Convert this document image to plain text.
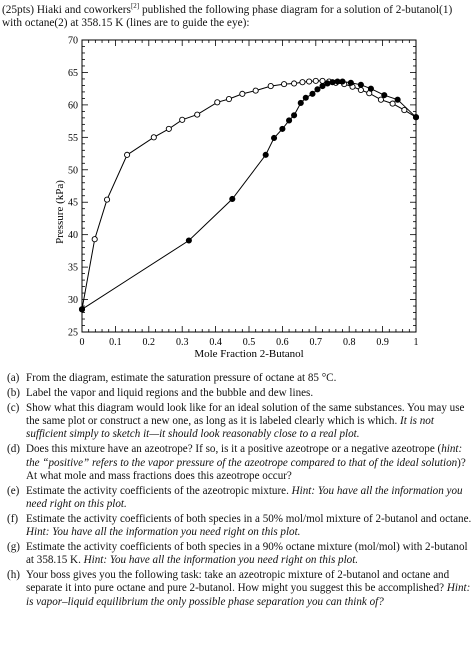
(25pts) Hiaki and coworkers[2] published the following phase diagram for a solution of 2-butanol(1) with octane(2) at 358.15 K (lines are to guide the eye):
0 0.1 0.2 0.3 0.4 0.5 0.6 0.7 0.8 0.9 1
25
30
35
40
45
50
55
60
65
70
Pressure (kPa)
Mole Fraction 2-Butanol
(a) From the diagram, estimate the saturation pressure of octane at 85 °C.
(b) Label the vapor and liquid regions and the bubble and dew lines.
(c) Show what this diagram would look like for an ideal solution of the same substances. You may use the same plot or construct a new one, as long as it is labeled clearly which is which. It is not sufficient simply to sketch it—it should look reasonably close to a real plot.
(d) Does this mixture have an azeotrope? If so, is it a positive azeotrope or a negative azeotrope (hint: the “positive” refers to the vapor pressure of the azeotrope compared to that of the ideal solution)? At what mole and mass fractions does this azeotrope occur?
(e) Estimate the activity coefficients of the azeotropic mixture. Hint: You have all the information you need right on this plot.
(f) Estimate the activity coefficients of both species in a 50% mol/mol mixture of 2-butanol and octane. Hint: You have all the information you need right on this plot.
(g) Estimate the activity coefficients of both species in a 90% octane mixture (mol/mol) with 2-butanol at 358.15 K. Hint: You have all the information you need right on this plot.
(h) Your boss gives you the following task: take an azeotropic mixture of 2-butanol and octane and separate it into pure octane and pure 2-butanol. How might you suggest this be accomplished? Hint: is vapor–liquid equilibrium the only possible phase separation you can think of?
